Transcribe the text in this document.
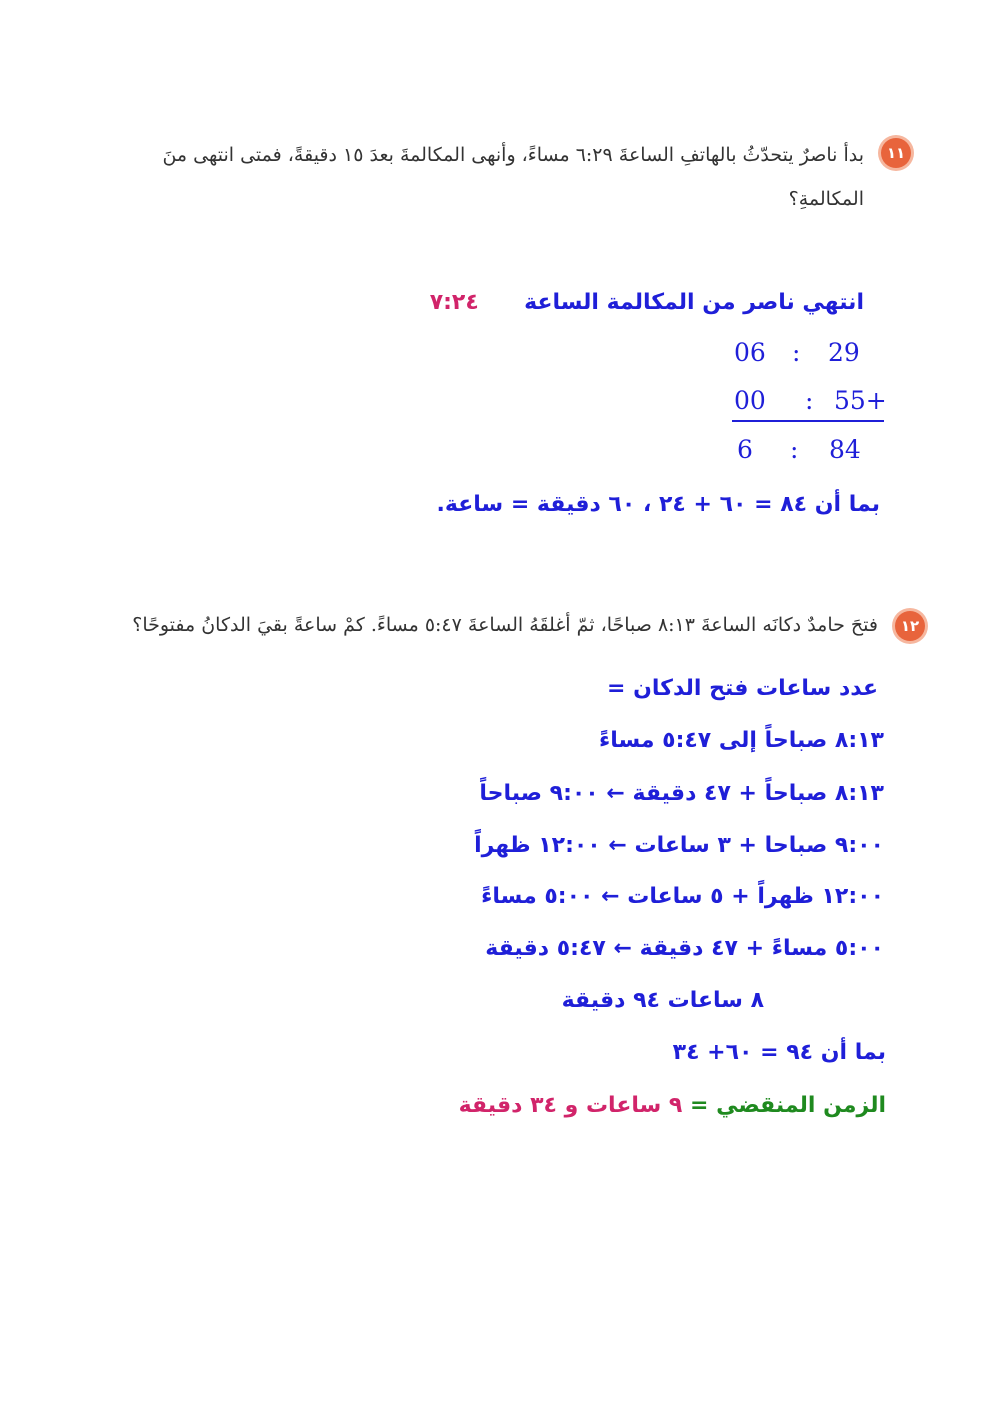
١١
بدأ ناصرٌ يتحدّثُ بالهاتفِ الساعةَ ٦:٢٩ مساءً، وأنهى المكالمةَ بعدَ ١٥ دقيقةً، فمتى انتهى منَ
المكالمةِ؟
انتهي ناصر من المكالمة الساعة  ٧:٢٤
06 : 29
00 : 55+
6 : 84
بما أن ٨٤ = ٦٠ + ٢٤ ، ٦٠ دقيقة = ساعة.
١٢
فتحَ حامدٌ دكانَه الساعةَ ٨:١٣ صباحًا، ثمّ أغلقَهُ الساعةَ ٥:٤٧ مساءً. كمْ ساعةً بقيَ الدكانُ مفتوحًا؟
عدد ساعات فتح الدكان =
٨:١٣ صباحاً إلى ٥:٤٧ مساءً
٨:١٣ صباحاً + ٤٧ دقيقة ← ٩:٠٠ صباحاً
٩:٠٠ صباحا + ٣ ساعات ← ١٢:٠٠ ظهراً
١٢:٠٠ ظهراً + ٥ ساعات ← ٥:٠٠ مساءً
٥:٠٠ مساءً + ٤٧ دقيقة ← ٥:٤٧ دقيقة
٨ ساعات ٩٤ دقيقة
بما أن ٩٤ = ٦٠+ ٣٤
الزمن المنقضي = ٩ ساعات و ٣٤ دقيقة
